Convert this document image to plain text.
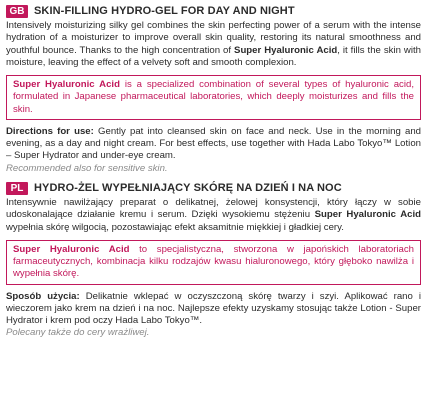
GB SKIN-FILLING HYDRO-GEL FOR DAY AND NIGHT

Intensively moisturizing silky gel combines the skin perfecting power of a serum with the intense hydration of a moisturizer to improve overall skin quality, restoring its natural smoothness and youthful bounce. Thanks to the high concentration of Super Hyaluronic Acid, it fills the skin with moisture, leaving the effect of a velvety soft and smooth complexion.

Super Hyaluronic Acid is a specialized combination of several types of hyaluronic acid, formulated in Japanese pharmaceutical laboratories, which deeply moisturizes and fills the skin.

Directions for use: Gently pat into cleansed skin on face and neck. Use in the morning and evening, as a day and night cream. For best effects, use together with Hada Labo Tokyo™ Lotion – Super Hydrator and under-eye cream.
Recommended also for sensitive skin.

PL HYDRO-ŻEL WYPEŁNIAJĄCY SKÓRĘ NA DZIEŃ I NA NOC

Intensywnie nawilżający preparat o delikatnej, żelowej konsystencji, który łączy w sobie udoskonalające działanie kremu i serum. Dzięki wysokiemu stężeniu Super Hyaluronic Acid wypełnia skórę wilgocią, pozostawiając efekt aksamitnie miękkiej i gładkiej cery.

Super Hyaluronic Acid to specjalistyczna, stworzona w japońskich laboratoriach farmaceutycznych, kombinacja kilku rodzajów kwasu hialuronowego, który głęboko nawilża i wypełnia skórę.

Sposób użycia: Delikatnie wklepać w oczyszczoną skórę twarzy i szyi. Aplikować rano i wieczorem jako krem na dzień i na noc. Najlepsze efekty uzyskamy stosując także Lotion - Super Hydrator i krem pod oczy Hada Labo Tokyo™.
Polecany także do cery wrażliwej.
